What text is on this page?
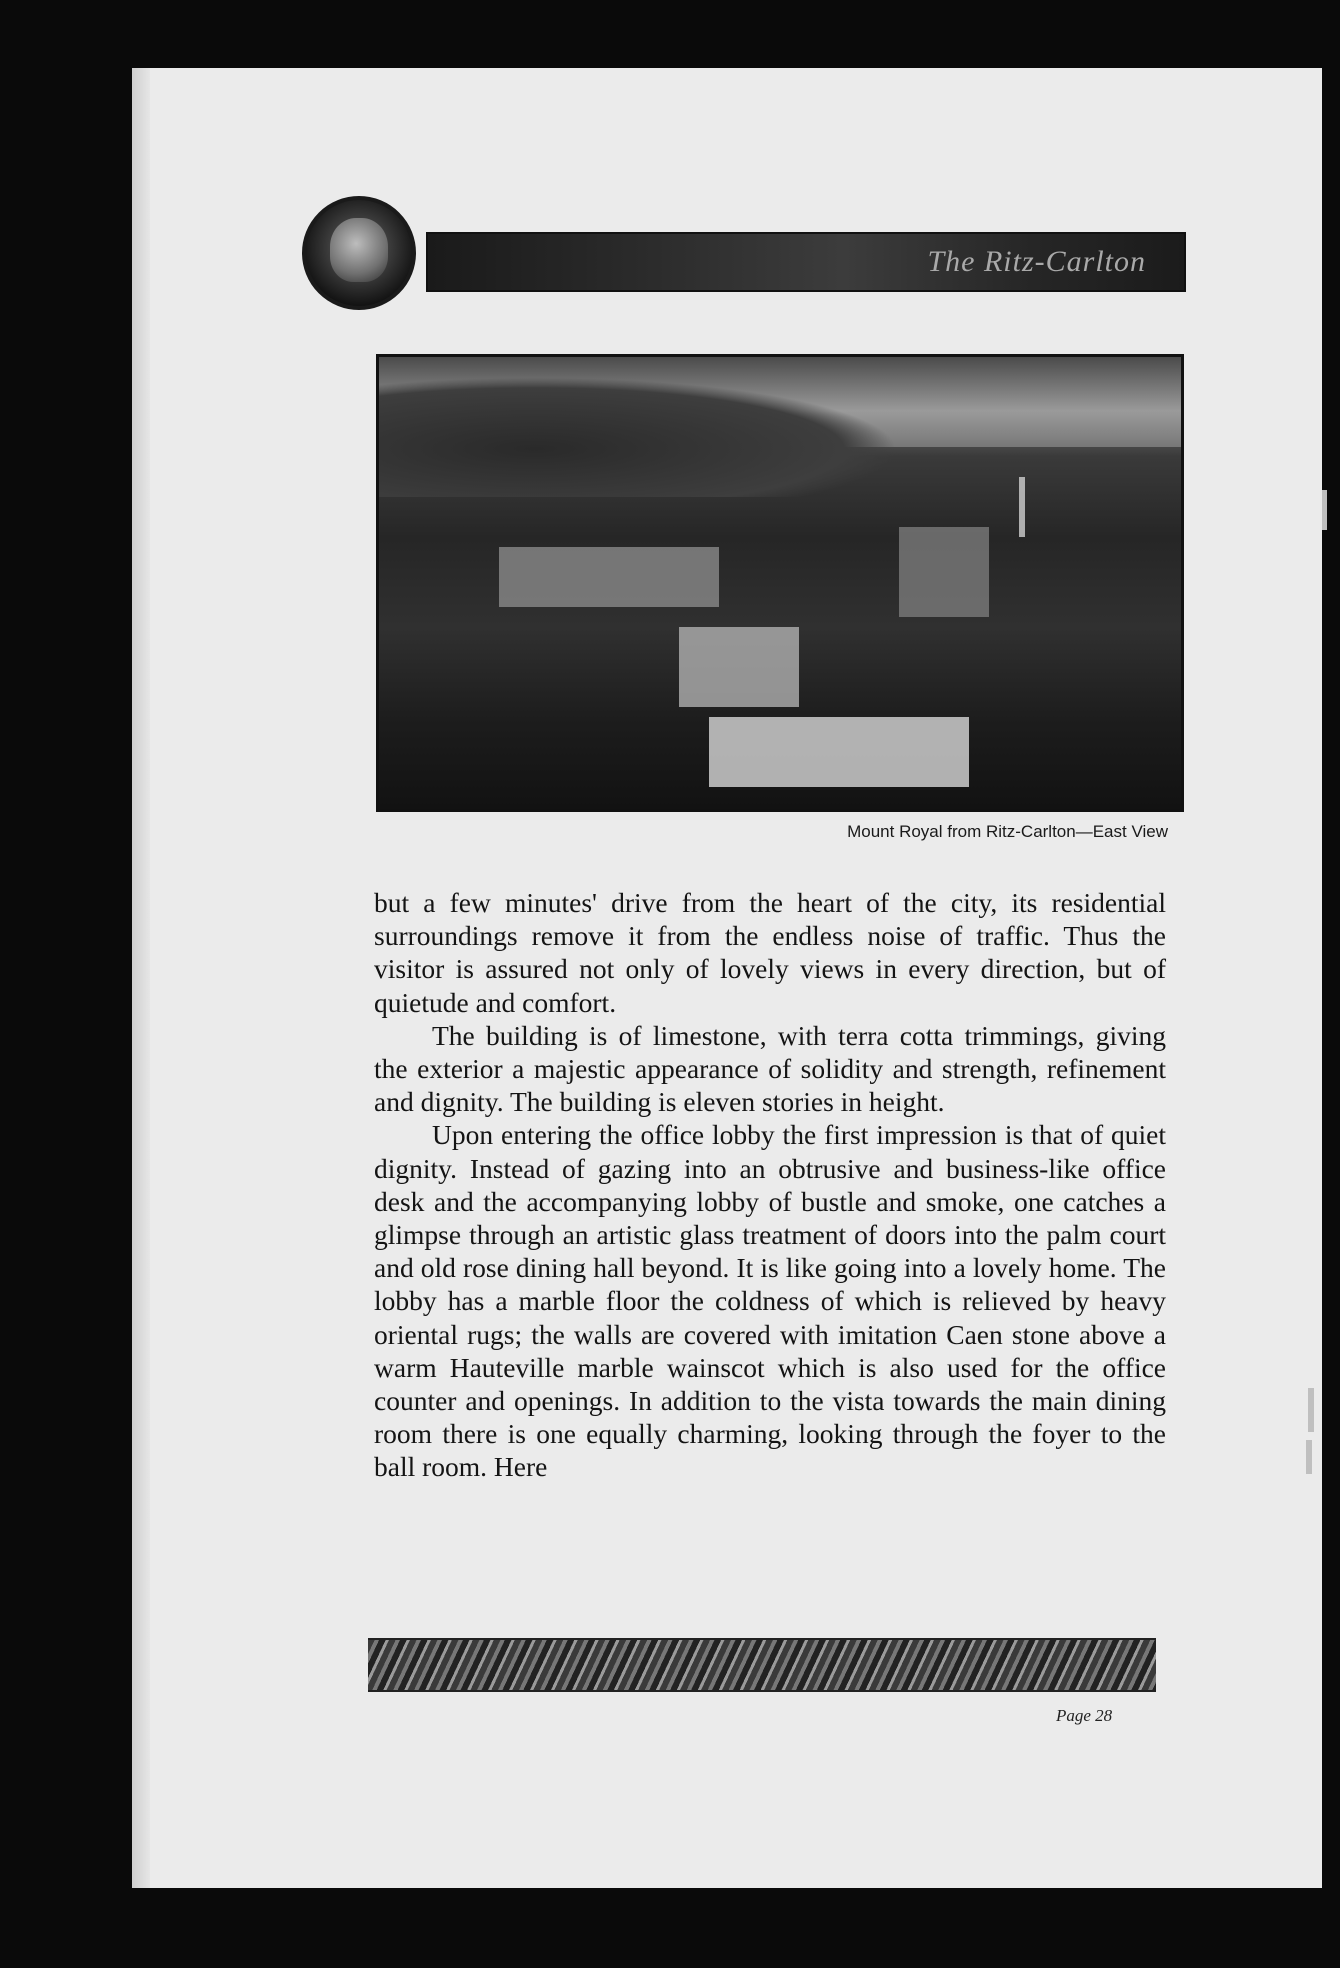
The Ritz-Carlton
Mount Royal from Ritz-Carlton—East View

but a few minutes' drive from the heart of the city, its residential surroundings remove it from the endless noise of traffic. Thus the visitor is assured not only of lovely views in every direction, but of quietude and comfort.

The building is of limestone, with terra cotta trimmings, giving the exterior a majestic appearance of solidity and strength, refinement and dignity. The building is eleven stories in height.

Upon entering the office lobby the first impression is that of quiet dignity. Instead of gazing into an obtrusive and business-like office desk and the accompanying lobby of bustle and smoke, one catches a glimpse through an artistic glass treatment of doors into the palm court and old rose dining hall beyond. It is like going into a lovely home. The lobby has a marble floor the coldness of which is relieved by heavy oriental rugs; the walls are covered with imitation Caen stone above a warm Hauteville marble wainscot which is also used for the office counter and openings. In addition to the vista towards the main dining room there is one equally charming, looking through the foyer to the ball room. Here

Page 28
